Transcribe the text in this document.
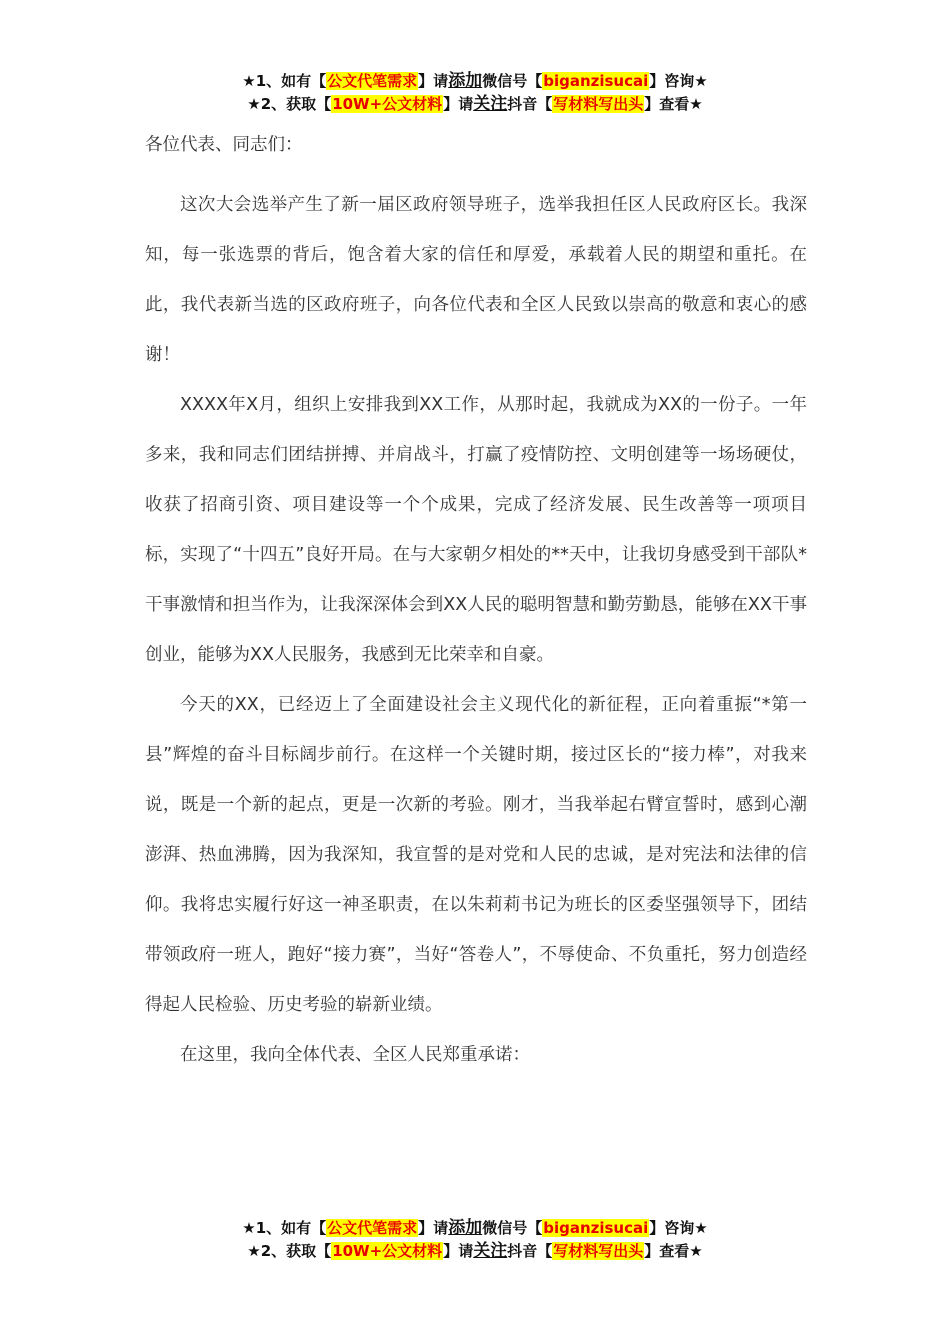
★1、如有【公文代笔需求】请添加微信号【biganzisucai】咨询★
★2、获取【10W+公文材料】请关注抖音【写材料写出头】查看★

各位代表、同志们：

这次大会选举产生了新一届区政府领导班子，选举我担任区人民政府区长。我深知，每一张选票的背后，饱含着大家的信任和厚爱，承载着人民的期望和重托。在此，我代表新当选的区政府班子，向各位代表和全区人民致以崇高的敬意和衷心的感谢！

XXXX年X月，组织上安排我到XX工作，从那时起，我就成为XX的一份子。一年多来，我和同志们团结拼搏、并肩战斗，打赢了疫情防控、文明创建等一场场硬仗，收获了招商引资、项目建设等一个个成果，完成了经济发展、民生改善等一项项目标，实现了“十四五”良好开局。在与大家朝夕相处的**天中，让我切身感受到干部队*干事激情和担当作为，让我深深体会到XX人民的聪明智慧和勤劳勤恳，能够在XX干事创业，能够为XX人民服务，我感到无比荣幸和自豪。

今天的XX，已经迈上了全面建设社会主义现代化的新征程，正向着重振“*第一县”辉煌的奋斗目标阔步前行。在这样一个关键时期，接过区长的“接力棒”，对我来说，既是一个新的起点，更是一次新的考验。刚才，当我举起右臂宣誓时，感到心潮澎湃、热血沸腾，因为我深知，我宣誓的是对党和人民的忠诚，是对宪法和法律的信仰。我将忠实履行好这一神圣职责，在以朱莉莉书记为班长的区委坚强领导下，团结带领政府一班人，跑好“接力赛”，当好“答卷人”，不辱使命、不负重托，努力创造经得起人民检验、历史考验的崭新业绩。

在这里，我向全体代表、全区人民郑重承诺：

★1、如有【公文代笔需求】请添加微信号【biganzisucai】咨询★
★2、获取【10W+公文材料】请关注抖音【写材料写出头】查看★
